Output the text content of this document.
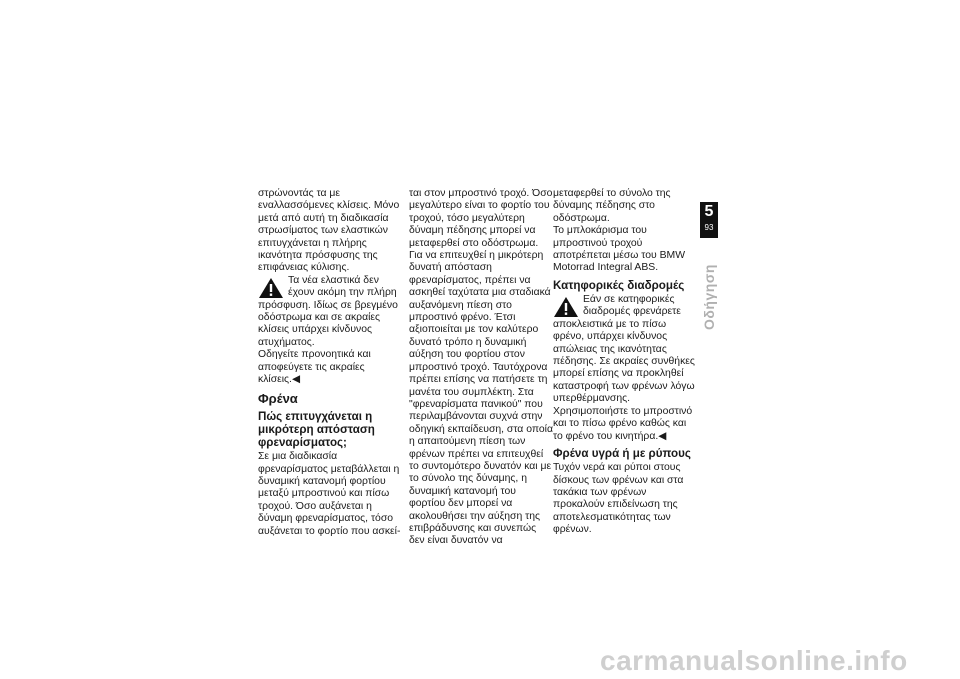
στρώνοντάς τα με εναλλασσόμενες κλίσεις. Μόνο μετά από αυτή τη διαδικασία στρωσίματος των ελαστικών επιτυγχάνεται η πλήρης ικανότητα πρόσφυσης της επιφάνειας κύλισης.

Τα νέα ελαστικά δεν έχουν ακόμη την πλήρη πρόσφυση. Ιδίως σε βρεγμένο οδόστρωμα και σε ακραίες κλίσεις υπάρχει κίνδυνος ατυχήματος.

Οδηγείτε προνοητικά και αποφεύγετε τις ακραίες κλίσεις.◀

Φρένα
Πώς επιτυγχάνεται η μικρότερη απόσταση φρεναρίσματος;

Σε μια διαδικασία φρεναρίσματος μεταβάλλεται η δυναμική κατανομή φορτίου μεταξύ μπροστινού και πίσω τροχού. Όσο αυξάνεται η δύναμη φρεναρίσματος, τόσο αυξάνεται το φορτίο που ασκεί-

ται στον μπροστινό τροχό. Όσο μεγαλύτερο είναι το φορτίο του τροχού, τόσο μεγαλύτερη δύναμη πέδησης μπορεί να μεταφερθεί στο οδόστρωμα.

Για να επιτευχθεί η μικρότερη δυνατή απόσταση φρεναρίσματος, πρέπει να ασκηθεί ταχύτατα μια σταδιακά αυξανόμενη πίεση στο μπροστινό φρένο. Έτσι αξιοποιείται με τον καλύτερο δυνατό τρόπο η δυναμική αύξηση του φορτίου στον μπροστινό τροχό. Ταυτόχρονα πρέπει επίσης να πατήσετε τη μανέτα του συμπλέκτη. Στα "φρεναρίσματα πανικού" που περιλαμβάνονται συχνά στην οδηγική εκπαίδευση, στα οποία η απαιτούμενη πίεση των φρένων πρέπει να επιτευχθεί το συντομότερο δυνατόν και με το σύνολο της δύναμης, η δυναμική κατανομή του φορτίου δεν μπορεί να ακολουθήσει την αύξηση της επιβράδυνσης και συνεπώς δεν είναι δυνατόν να

μεταφερθεί το σύνολο της δύναμης πέδησης στο οδόστρωμα.

Το μπλοκάρισμα του μπροστινού τροχού αποτρέπεται μέσω του BMW Motorrad Integral ABS.

Κατηφορικές διαδρομές

Εάν σε κατηφορικές διαδρομές φρενάρετε αποκλειστικά με το πίσω φρένο, υπάρχει κίνδυνος απώλειας της ικανότητας πέδησης. Σε ακραίες συνθήκες μπορεί επίσης να προκληθεί καταστροφή των φρένων λόγω υπερθέρμανσης.

Χρησιμοποιήστε το μπροστινό και το πίσω φρένο καθώς και το φρένο του κινητήρα.◀

Φρένα υγρά ή με ρύπους

Τυχόν νερά και ρύποι στους δίσκους των φρένων και στα τακάκια των φρένων προκαλούν επιδείνωση της αποτελεσματικότητας των φρένων.

5
93
Οδήγηση
carmanualsonline.info
